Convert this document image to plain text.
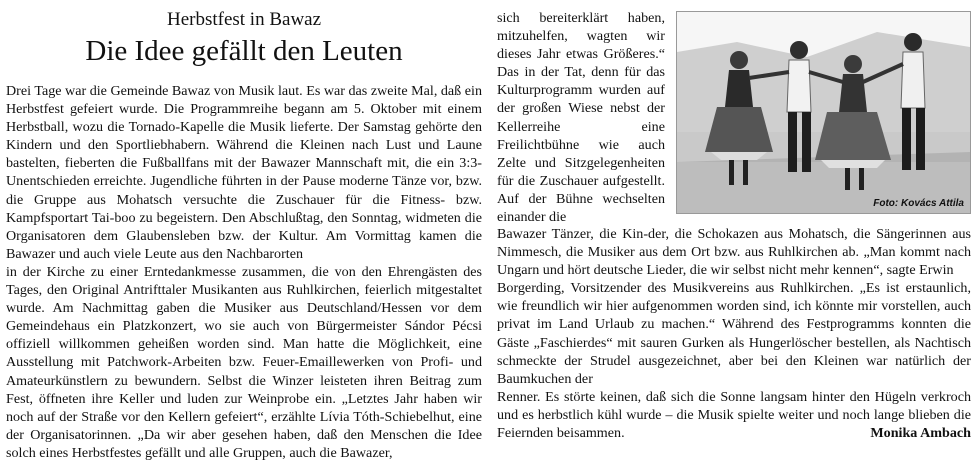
Herbstfest in Bawaz
Die Idee gefällt den Leuten

Drei Tage war die Gemeinde Bawaz von Musik laut. Es war das zweite Mal, daß ein Herbstfest gefeiert wurde. Die Programmreihe begann am 5. Oktober mit einem Herbstball, wozu die Tornado-Kapelle die Musik lieferte. Der Samstag gehörte den Kindern und den Sportliebhabern. Während die Kleinen nach Lust und Laune bastelten, fieberten die Fußballfans mit der Bawazer Mannschaft mit, die ein 3:3-Unentschieden erreichte. Jugendliche führten in der Pause moderne Tänze vor, bzw. die Gruppe aus Mohatsch versuchte die Zuschauer für die Fitness- bzw. Kampfsportart Tai-boo zu begeistern. Den Abschlußtag, den Sonntag, widmeten die Organisatoren dem Glaubensleben bzw. der Kultur. Am Vormittag kamen die Bawazer und auch viele Leute aus den Nachbarorten

in der Kirche zu einer Erntedankmesse zusammen, die von den Ehrengästen des Tages, den Original Antrifttaler Musikanten aus Ruhlkirchen, feierlich mitgestaltet wurde. Am Nachmittag gaben die Musiker aus Deutschland/Hessen vor dem Gemeindehaus ein Platzkonzert, wo sie auch von Bürgermeister Sándor Pécsi offiziell willkommen geheißen worden sind. Man hatte die Möglichkeit, eine Ausstellung mit Patchwork-Arbeiten bzw. Feuer-Emaillewerken von Profi- und Amateurkünstlern zu bewundern. Selbst die Winzer leisteten ihren Beitrag zum Fest, öffneten ihre Keller und luden zur Weinprobe ein. „Letztes Jahr haben wir noch auf der Straße vor den Kellern gefeiert“, erzählte Lívia Tóth-Schiebelhut, eine der Organisatorinnen. „Da wir aber gesehen haben, daß den Menschen die Idee solch eines Herbstfestes gefällt und alle Gruppen, auch die Bawazer,

sich bereiterklärt haben, mitzuhelfen, wagten wir dieses Jahr etwas Größeres.“ Das in der Tat, denn für das Kulturprogramm wurden auf der großen Wiese nebst der Kellerreihe eine Freilichtbühne wie auch Zelte und Sitzgelegenheiten für die Zuschauer aufgestellt. Auf der Bühne wechselten einander die

Foto: Kovács Attila

Bawazer Tänzer, die Kin-der, die Schokazen aus Mohatsch, die Sängerinnen aus Nimmesch, die Musiker aus dem Ort bzw. aus Ruhlkirchen ab. „Man kommt nach Ungarn und hört deutsche Lieder, die wir selbst nicht mehr kennen“, sagte Erwin

Borgerding, Vorsitzender des Musikvereins aus Ruhlkirchen. „Es ist erstaunlich, wie freundlich wir hier aufgenommen worden sind, ich könnte mir vorstellen, auch privat im Land Urlaub zu machen.“ Während des Festprogramms konnten die Gäste „Faschierdes“ mit sauren Gurken als Hungerlöscher bestellen, als Nachtisch schmeckte der Strudel ausgezeichnet, aber bei den Kleinen war natürlich der Baumkuchen der

Renner. Es störte keinen, daß sich die Sonne langsam hinter den Hügeln verkroch und es herbstlich kühl wurde – die Musik spielte weiter und noch lange blieben die Feiernden beisammen.	Monika Ambach
